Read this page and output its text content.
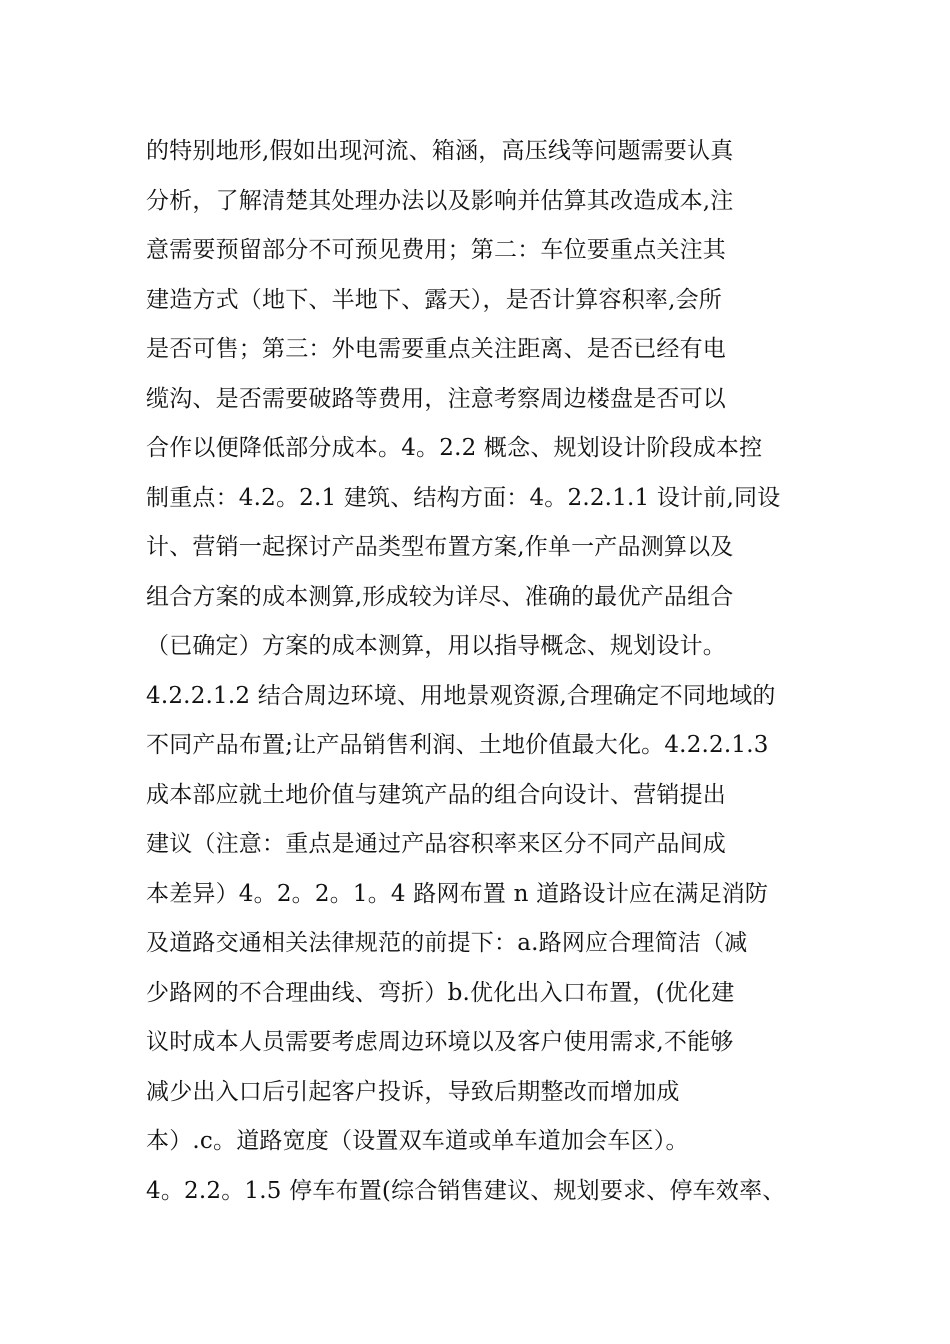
的特别地形,假如出现河流、箱涵，高压线等问题需要认真
分析，了解清楚其处理办法以及影响并估算其改造成本,注
意需要预留部分不可预见费用；第二：车位要重点关注其
建造方式（地下、半地下、露天），是否计算容积率,会所
是否可售；第三：外电需要重点关注距离、是否已经有电
缆沟、是否需要破路等费用，注意考察周边楼盘是否可以
合作以便降低部分成本。4。2.2 概念、规划设计阶段成本控
制重点：4.2。2.1 建筑、结构方面：4。2.2.1.1 设计前,同设
计、营销一起探讨产品类型布置方案,作单一产品测算以及
组合方案的成本测算,形成较为详尽、准确的最优产品组合
（已确定）方案的成本测算，用以指导概念、规划设计。
4.2.2.1.2 结合周边环境、用地景观资源,合理确定不同地域的
不同产品布置;让产品销售利润、土地价值最大化。4.2.2.1.3
成本部应就土地价值与建筑产品的组合向设计、营销提出
建议（注意：重点是通过产品容积率来区分不同产品间成
本差异）4。2。2。1。4 路网布置 n 道路设计应在满足消防
及道路交通相关法律规范的前提下：a.路网应合理简洁（减
少路网的不合理曲线、弯折）b.优化出入口布置，(优化建
议时成本人员需要考虑周边环境以及客户使用需求,不能够
减少出入口后引起客户投诉，导致后期整改而增加成
本）.c。道路宽度（设置双车道或单车道加会车区）。
4。2.2。1.5 停车布置(综合销售建议、规划要求、停车效率、
